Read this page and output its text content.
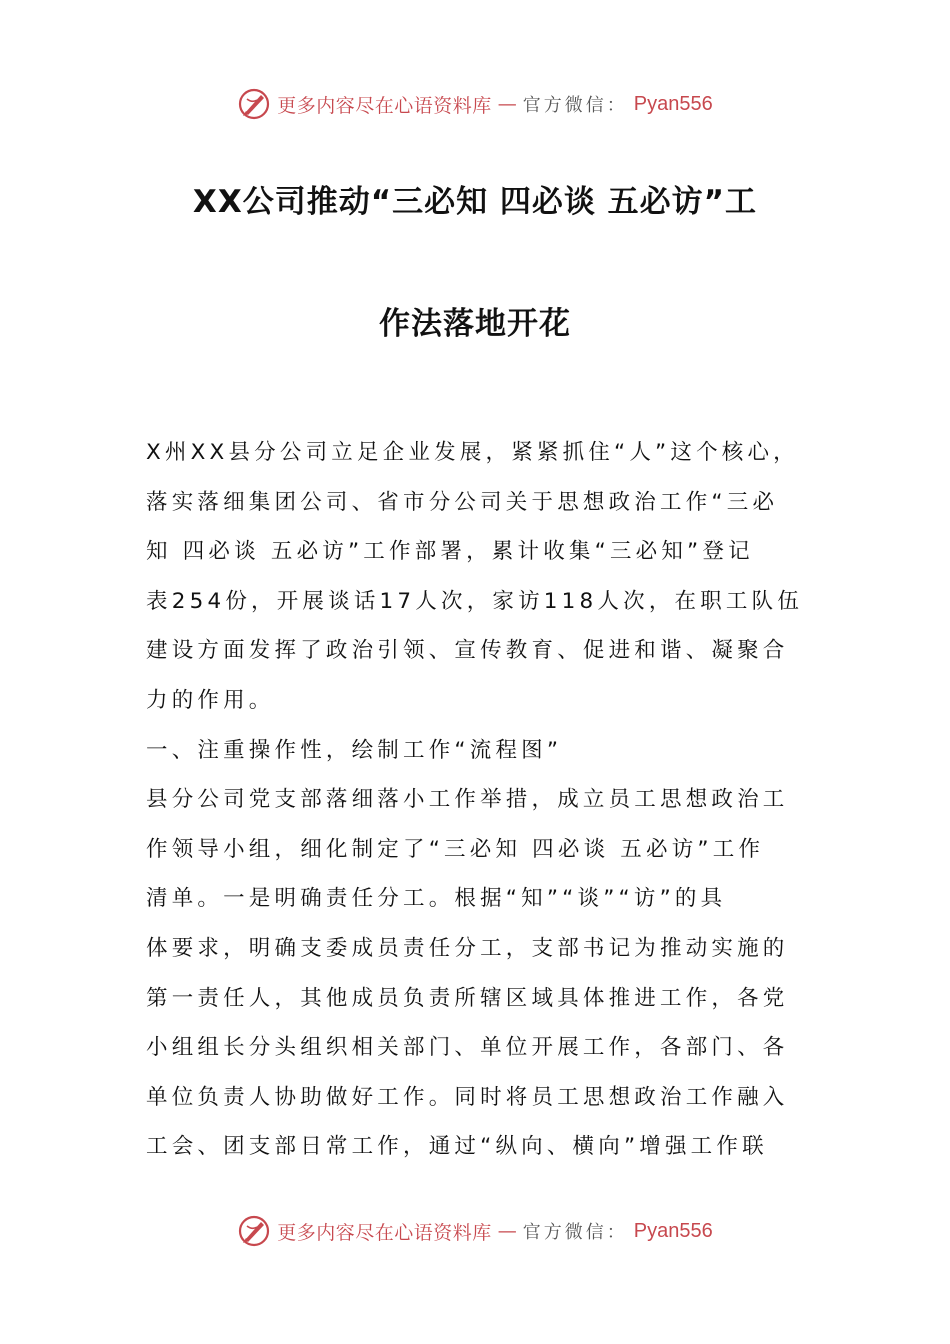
更多内容尽在心语资料库 — 官方微信： Pyan556
XX公司推动“三必知 四必谈 五必访”工
作法落地开花
X州XX县分公司立足企业发展，紧紧抓住“人”这个核心，
落实落细集团公司、省市分公司关于思想政治工作“三必
知 四必谈 五必访”工作部署，累计收集“三必知”登记
表254份，开展谈话17人次，家访118人次，在职工队伍
建设方面发挥了政治引领、宣传教育、促进和谐、凝聚合
力的作用。
一、注重操作性，绘制工作“流程图”
县分公司党支部落细落小工作举措，成立员工思想政治工
作领导小组，细化制定了“三必知 四必谈 五必访”工作
清单。一是明确责任分工。根据“知”“谈”“访”的具
体要求，明确支委成员责任分工，支部书记为推动实施的
第一责任人，其他成员负责所辖区域具体推进工作，各党
小组组长分头组织相关部门、单位开展工作，各部门、各
单位负责人协助做好工作。同时将员工思想政治工作融入
工会、团支部日常工作，通过“纵向、横向”增强工作联
更多内容尽在心语资料库 — 官方微信： Pyan556
